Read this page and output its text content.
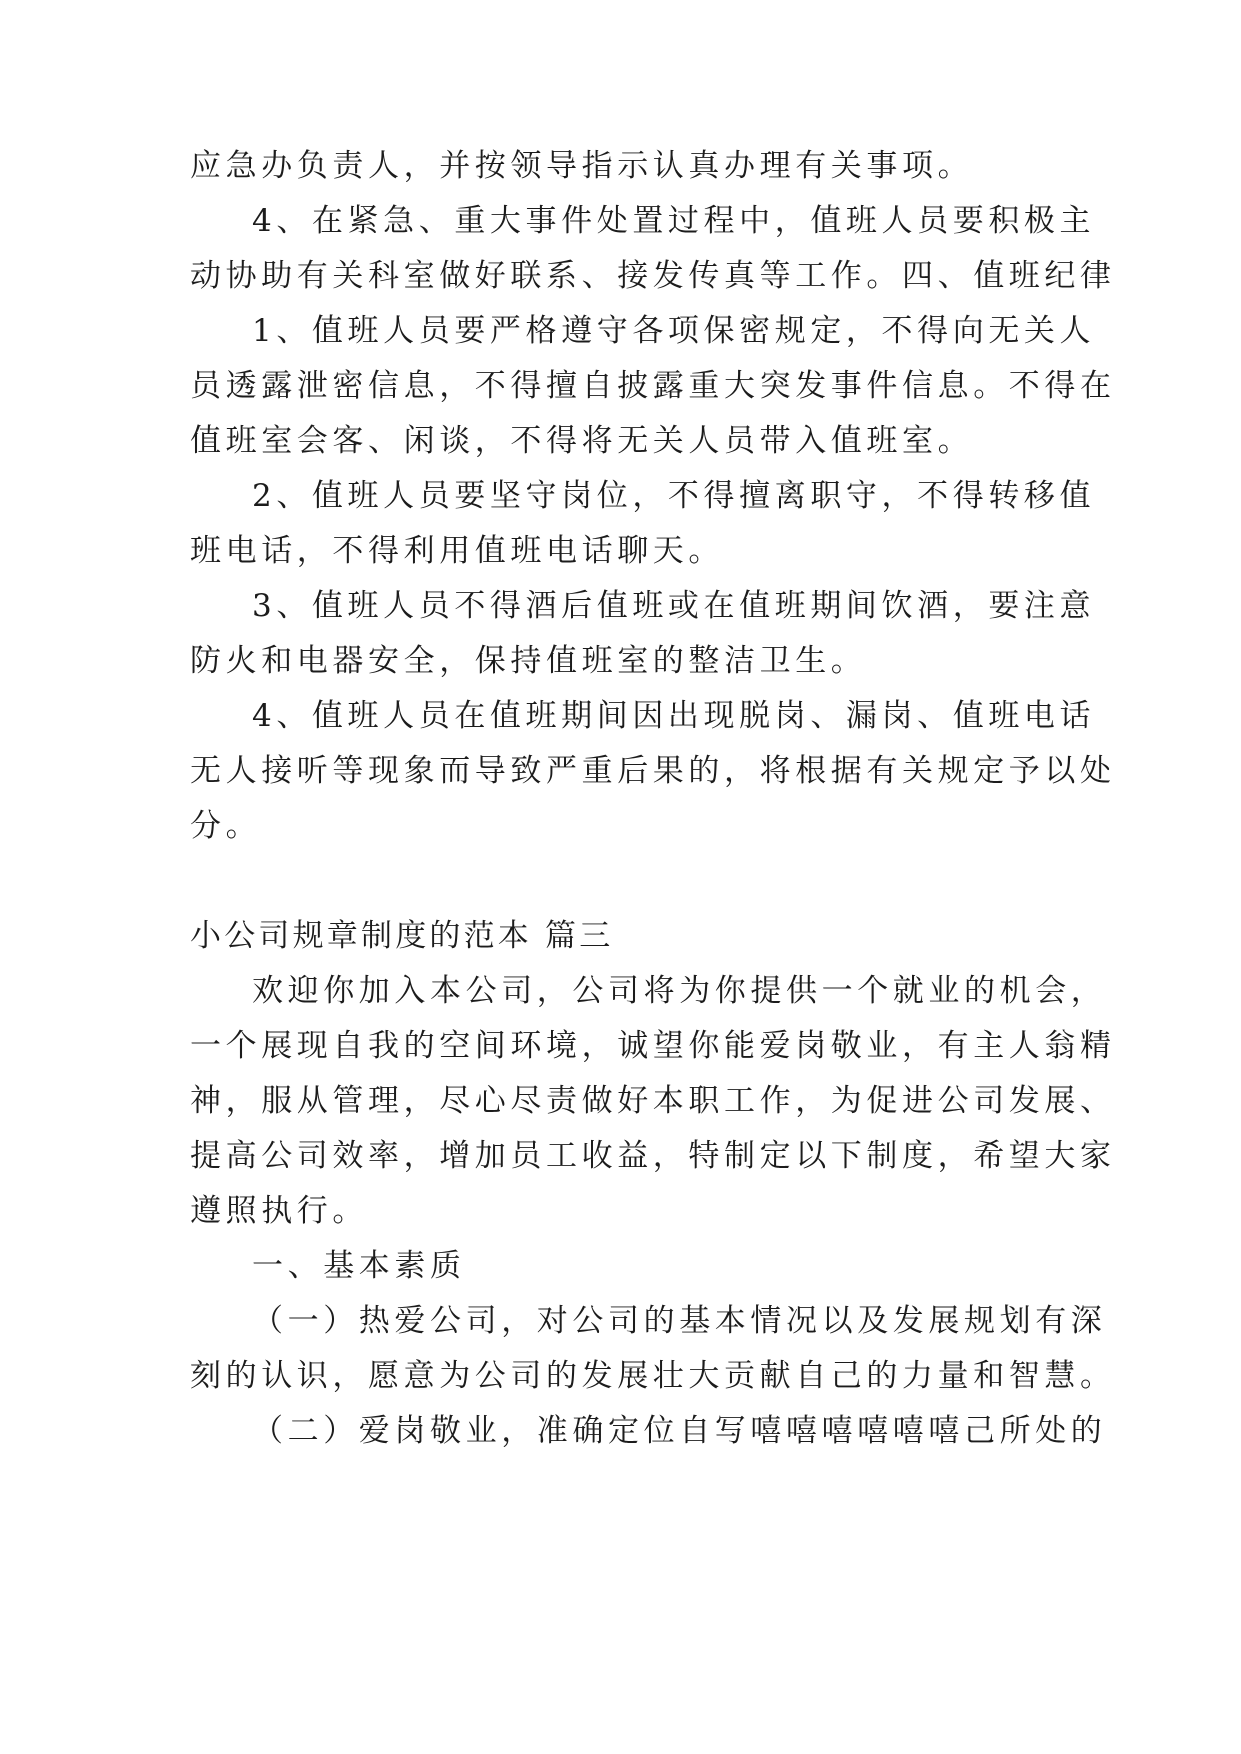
应急办负责人，并按领导指示认真办理有关事项。
4、在紧急、重大事件处置过程中，值班人员要积极主
动协助有关科室做好联系、接发传真等工作。四、值班纪律
1、值班人员要严格遵守各项保密规定，不得向无关人
员透露泄密信息，不得擅自披露重大突发事件信息。不得在
值班室会客、闲谈，不得将无关人员带入值班室。
2、值班人员要坚守岗位，不得擅离职守，不得转移值
班电话，不得利用值班电话聊天。
3、值班人员不得酒后值班或在值班期间饮酒，要注意
防火和电器安全，保持值班室的整洁卫生。
4、值班人员在值班期间因出现脱岗、漏岗、值班电话
无人接听等现象而导致严重后果的，将根据有关规定予以处
分。
小公司规章制度的范本 篇三
欢迎你加入本公司，公司将为你提供一个就业的机会，
一个展现自我的空间环境，诚望你能爱岗敬业，有主人翁精
神，服从管理，尽心尽责做好本职工作，为促进公司发展、
提高公司效率，增加员工收益，特制定以下制度，希望大家
遵照执行。
一、基本素质
（一）热爱公司，对公司的基本情况以及发展规划有深
刻的认识，愿意为公司的发展壮大贡献自己的力量和智慧。
（二）爱岗敬业，准确定位自写嘻嘻嘻嘻嘻嘻己所处的
